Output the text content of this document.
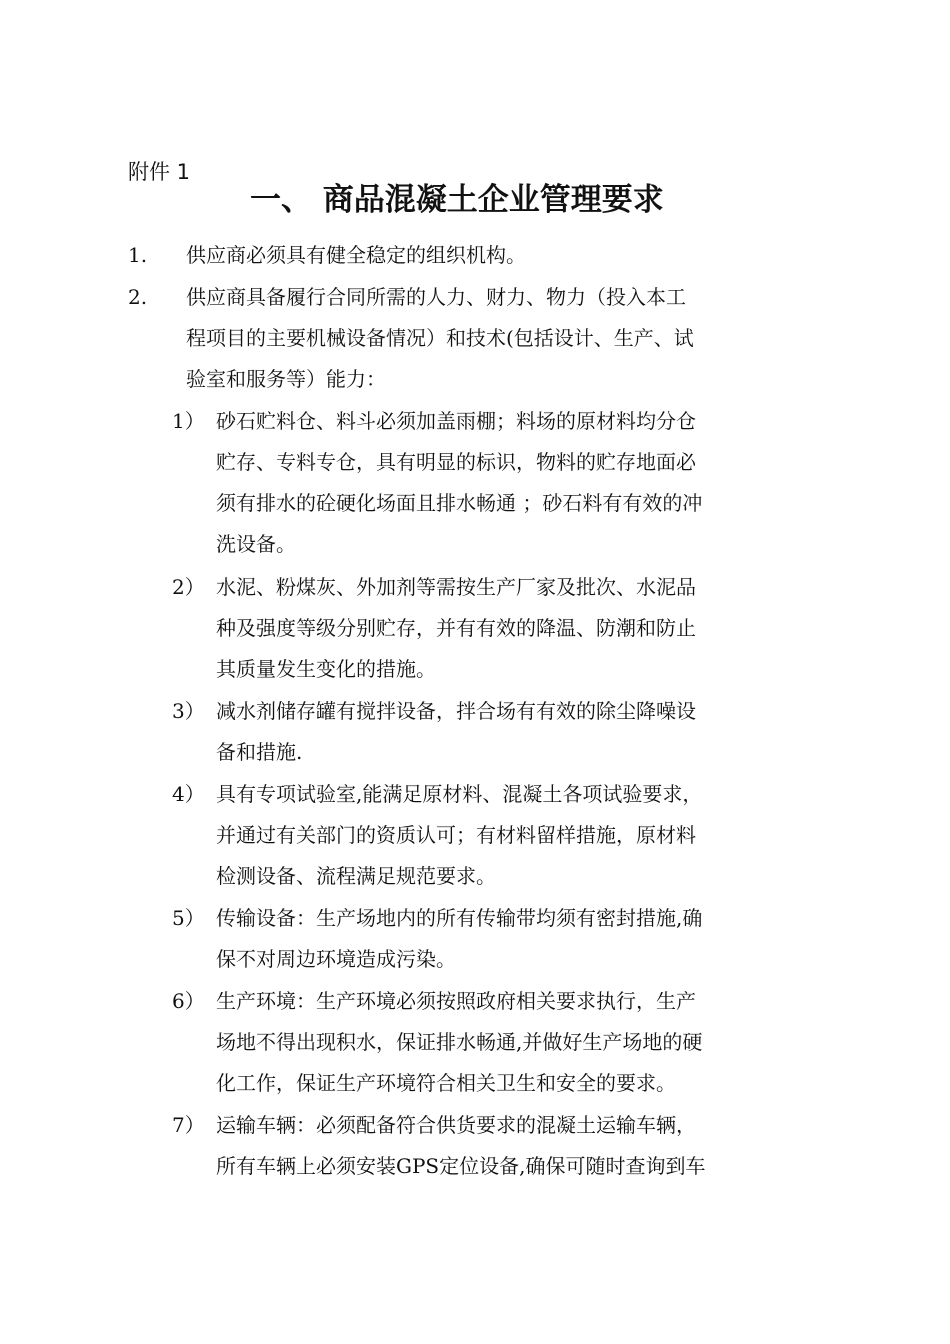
附件 1
一、 商品混凝土企业管理要求
1.	供应商必须具有健全稳定的组织机构。
2.	供应商具备履行合同所需的人力、财力、物力（投入本工
程项目的主要机械设备情况）和技术(包括设计、生产、试
验室和服务等）能力：
1） 砂石贮料仓、料斗必须加盖雨棚；料场的原材料均分仓
贮存、专料专仓，具有明显的标识，物料的贮存地面必
须有排水的砼硬化场面且排水畅通 ；砂石料有有效的冲
洗设备。
2） 水泥、粉煤灰、外加剂等需按生产厂家及批次、水泥品
种及强度等级分别贮存，并有有效的降温、防潮和防止
其质量发生变化的措施。
3） 减水剂储存罐有搅拌设备，拌合场有有效的除尘降噪设
备和措施.
4） 具有专项试验室,能满足原材料、混凝土各项试验要求，
并通过有关部门的资质认可；有材料留样措施，原材料
检测设备、流程满足规范要求。
5） 传输设备：生产场地内的所有传输带均须有密封措施,确
保不对周边环境造成污染。
6） 生产环境：生产环境必须按照政府相关要求执行，生产
场地不得出现积水，保证排水畅通,并做好生产场地的硬
化工作，保证生产环境符合相关卫生和安全的要求。
7） 运输车辆：必须配备符合供货要求的混凝土运输车辆，
所有车辆上必须安装GPS定位设备,确保可随时查询到车
